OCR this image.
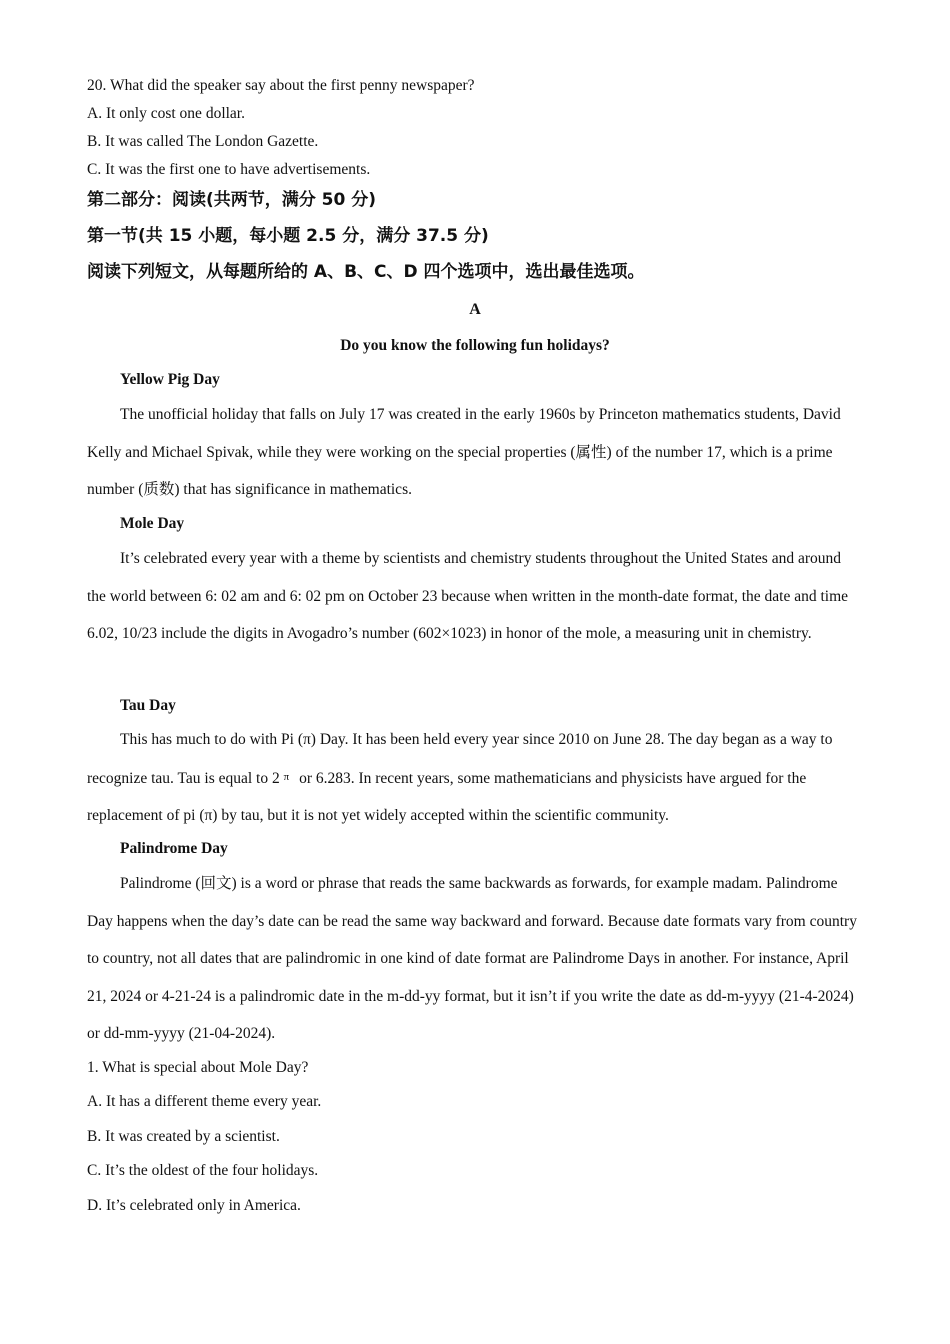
20. What did the speaker say about the first penny newspaper?
A. It only cost one dollar.
B. It was called The London Gazette.
C. It was the first one to have advertisements.
第二部分：阅读(共两节，满分 50 分)
第一节(共 15 小题，每小题 2.5 分，满分 37.5 分)
阅读下列短文，从每题所给的 A、B、C、D 四个选项中，选出最佳选项。
A
Do you know the following fun holidays?
Yellow Pig Day
The unofficial holiday that falls on July 17 was created in the early 1960s by Princeton mathematics students, David Kelly and Michael Spivak, while they were working on the special properties (属性) of the number 17, which is a prime number (质数) that has significance in mathematics.
Mole Day
It’s celebrated every year with a theme by scientists and chemistry students throughout the United States and around the world between 6: 02 am and 6: 02 pm on October 23 because when written in the month-date format, the date and time 6.02, 10/23 include the digits in Avogadro’s number (602×1023) in honor of the mole, a measuring unit in chemistry.
Tau Day
This has much to do with Pi (π) Day. It has been held every year since 2010 on June 28. The day began as a way to recognize tau. Tau is equal to 2 π or 6.283. In recent years, some mathematicians and physicists have argued for the replacement of pi (π) by tau, but it is not yet widely accepted within the scientific community.
Palindrome Day
Palindrome (回文) is a word or phrase that reads the same backwards as forwards, for example madam. Palindrome Day happens when the day’s date can be read the same way backward and forward. Because date formats vary from country to country, not all dates that are palindromic in one kind of date format are Palindrome Days in another. For instance, April 21, 2024 or 4-21-24 is a palindromic date in the m-dd-yy format, but it isn’t if you write the date as dd-m-yyyy (21-4-2024) or dd-mm-yyyy (21-04-2024).
1. What is special about Mole Day?
A. It has a different theme every year.
B. It was created by a scientist.
C. It’s the oldest of the four holidays.
D. It’s celebrated only in America.
